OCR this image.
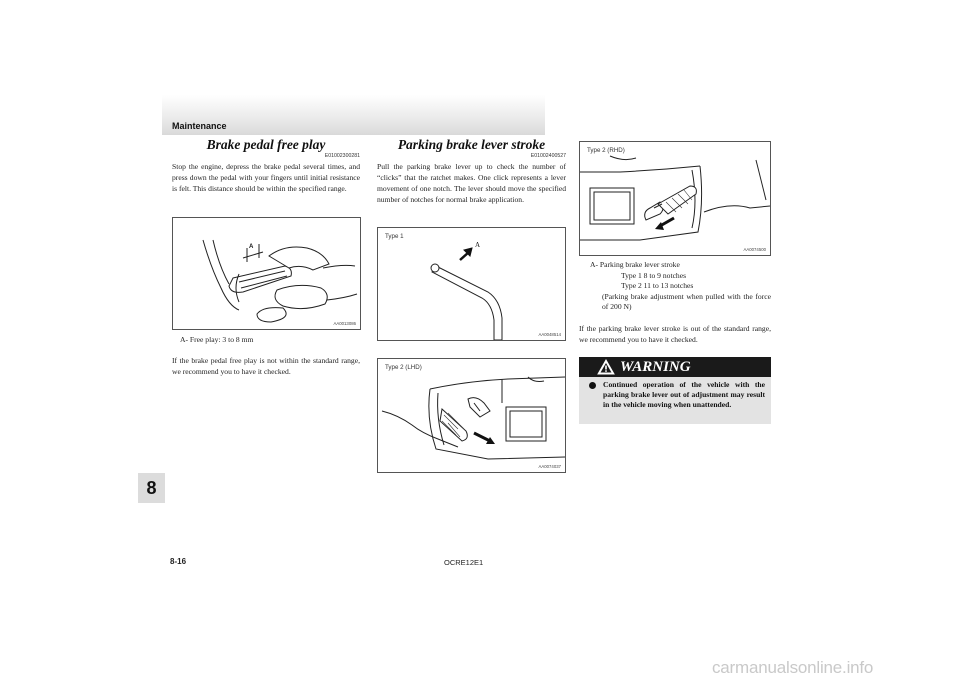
Maintenance
8
Brake pedal free play
E01002300281

Stop the engine, depress the brake pedal several times, and press down the pedal with your fingers until initial resistance is felt. This distance should be within the specified range.

A
AA0013086
A- Free play: 3 to 8 mm

If the brake pedal free play is not within the standard range, we recommend you to have it checked.

Parking brake lever stroke
E01002400527

Pull the parking brake lever up to check the number of “clicks” that the ratchet makes. One click represents a lever movement of one notch. The lever should move the specified number of notches for normal brake application.

Type 1
A
AA0048514
Type 2 (LHD)
AA0074037
Type 2 (RHD)
AA0074500
A- Parking brake lever stroke
Type 1 8 to 9 notches
Type 2 11 to 13 notches
(Parking brake adjustment when pulled with the force of 200 N)

If the parking brake lever stroke is out of the standard range, we recommend you to have it checked.

WARNING
Continued operation of the vehicle with the parking brake lever out of adjustment may result in the vehicle moving when unattended.
8-16	OCRE12E1
carmanualsonline.info
